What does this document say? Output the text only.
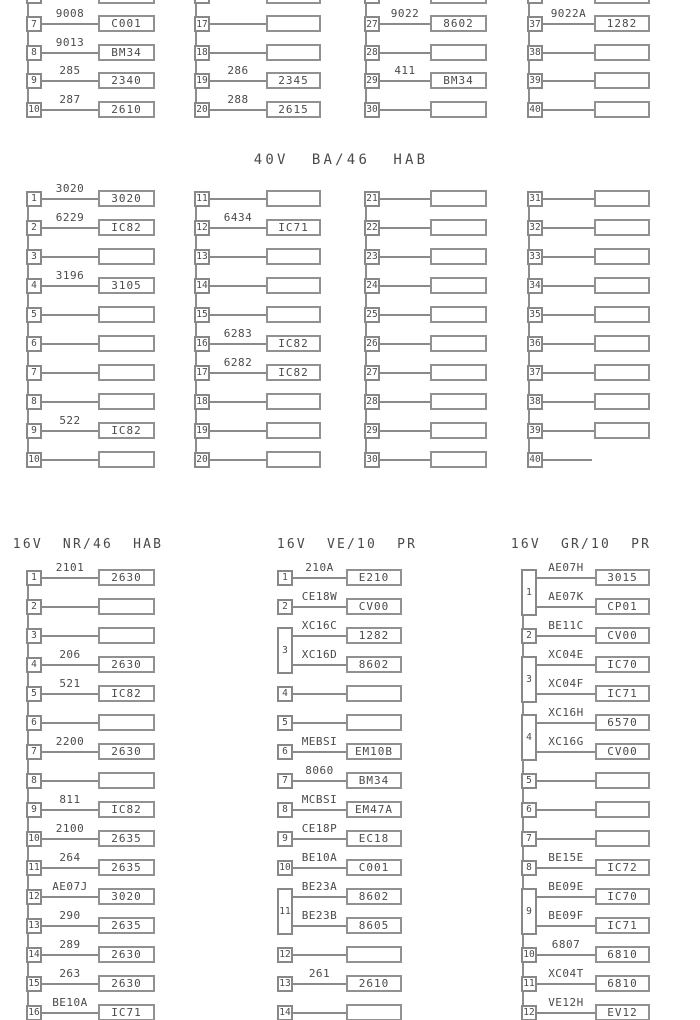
40V  BA/46  HAB
16V  NR/46  HAB	16V  VE/10  PR	16V  GR/10  PR
7
9008
C001
8
9013
BM34
9
285
2340
10
287
2610
17
18
19
286
2345
20
288
2615
27
9022
8602
28
29
411
BM34
30
37
9022A
1282
38
39
40
1
3020
3020
2
6229
IC82
3
4
3196
3105
5
6
7
8
9
522
IC82
10
11
12
6434
IC71
13
14
15
16
6283
IC82
17
6282
IC82
18
19
20
21
22
23
24
25
26
27
28
29
30
31
32
33
34
35
36
37
38
39
40
1
2101
2630
2
3
4
206
2630
5
521
IC82
6
7
2200
2630
8
9
811
IC82
10
2100
2635
11
264
2635
12
AE07J
3020
13
290
2635
14
289
2630
15
263
2630
16
BE10A
IC71
1
210A
E210
2
CE18W
CV00
3
XC16C
1282
XC16D
8602
4
5
6
MEBSI
EM10B
7
8060
BM34
8
MCBSI
EM47A
9
CE18P
EC18
10
BE10A
C001
11
BE23A
8602
BE23B
8605
12
13
261
2610
14
1
AE07H
3015
AE07K
CP01
2
BE11C
CV00
3
XC04E
IC70
XC04F
IC71
4
XC16H
6570
XC16G
CV00
5
6
7
8
BE15E
IC72
9
BE09E
IC70
BE09F
IC71
10
6807
6810
11
XC04T
6810
12
VE12H
EV12
